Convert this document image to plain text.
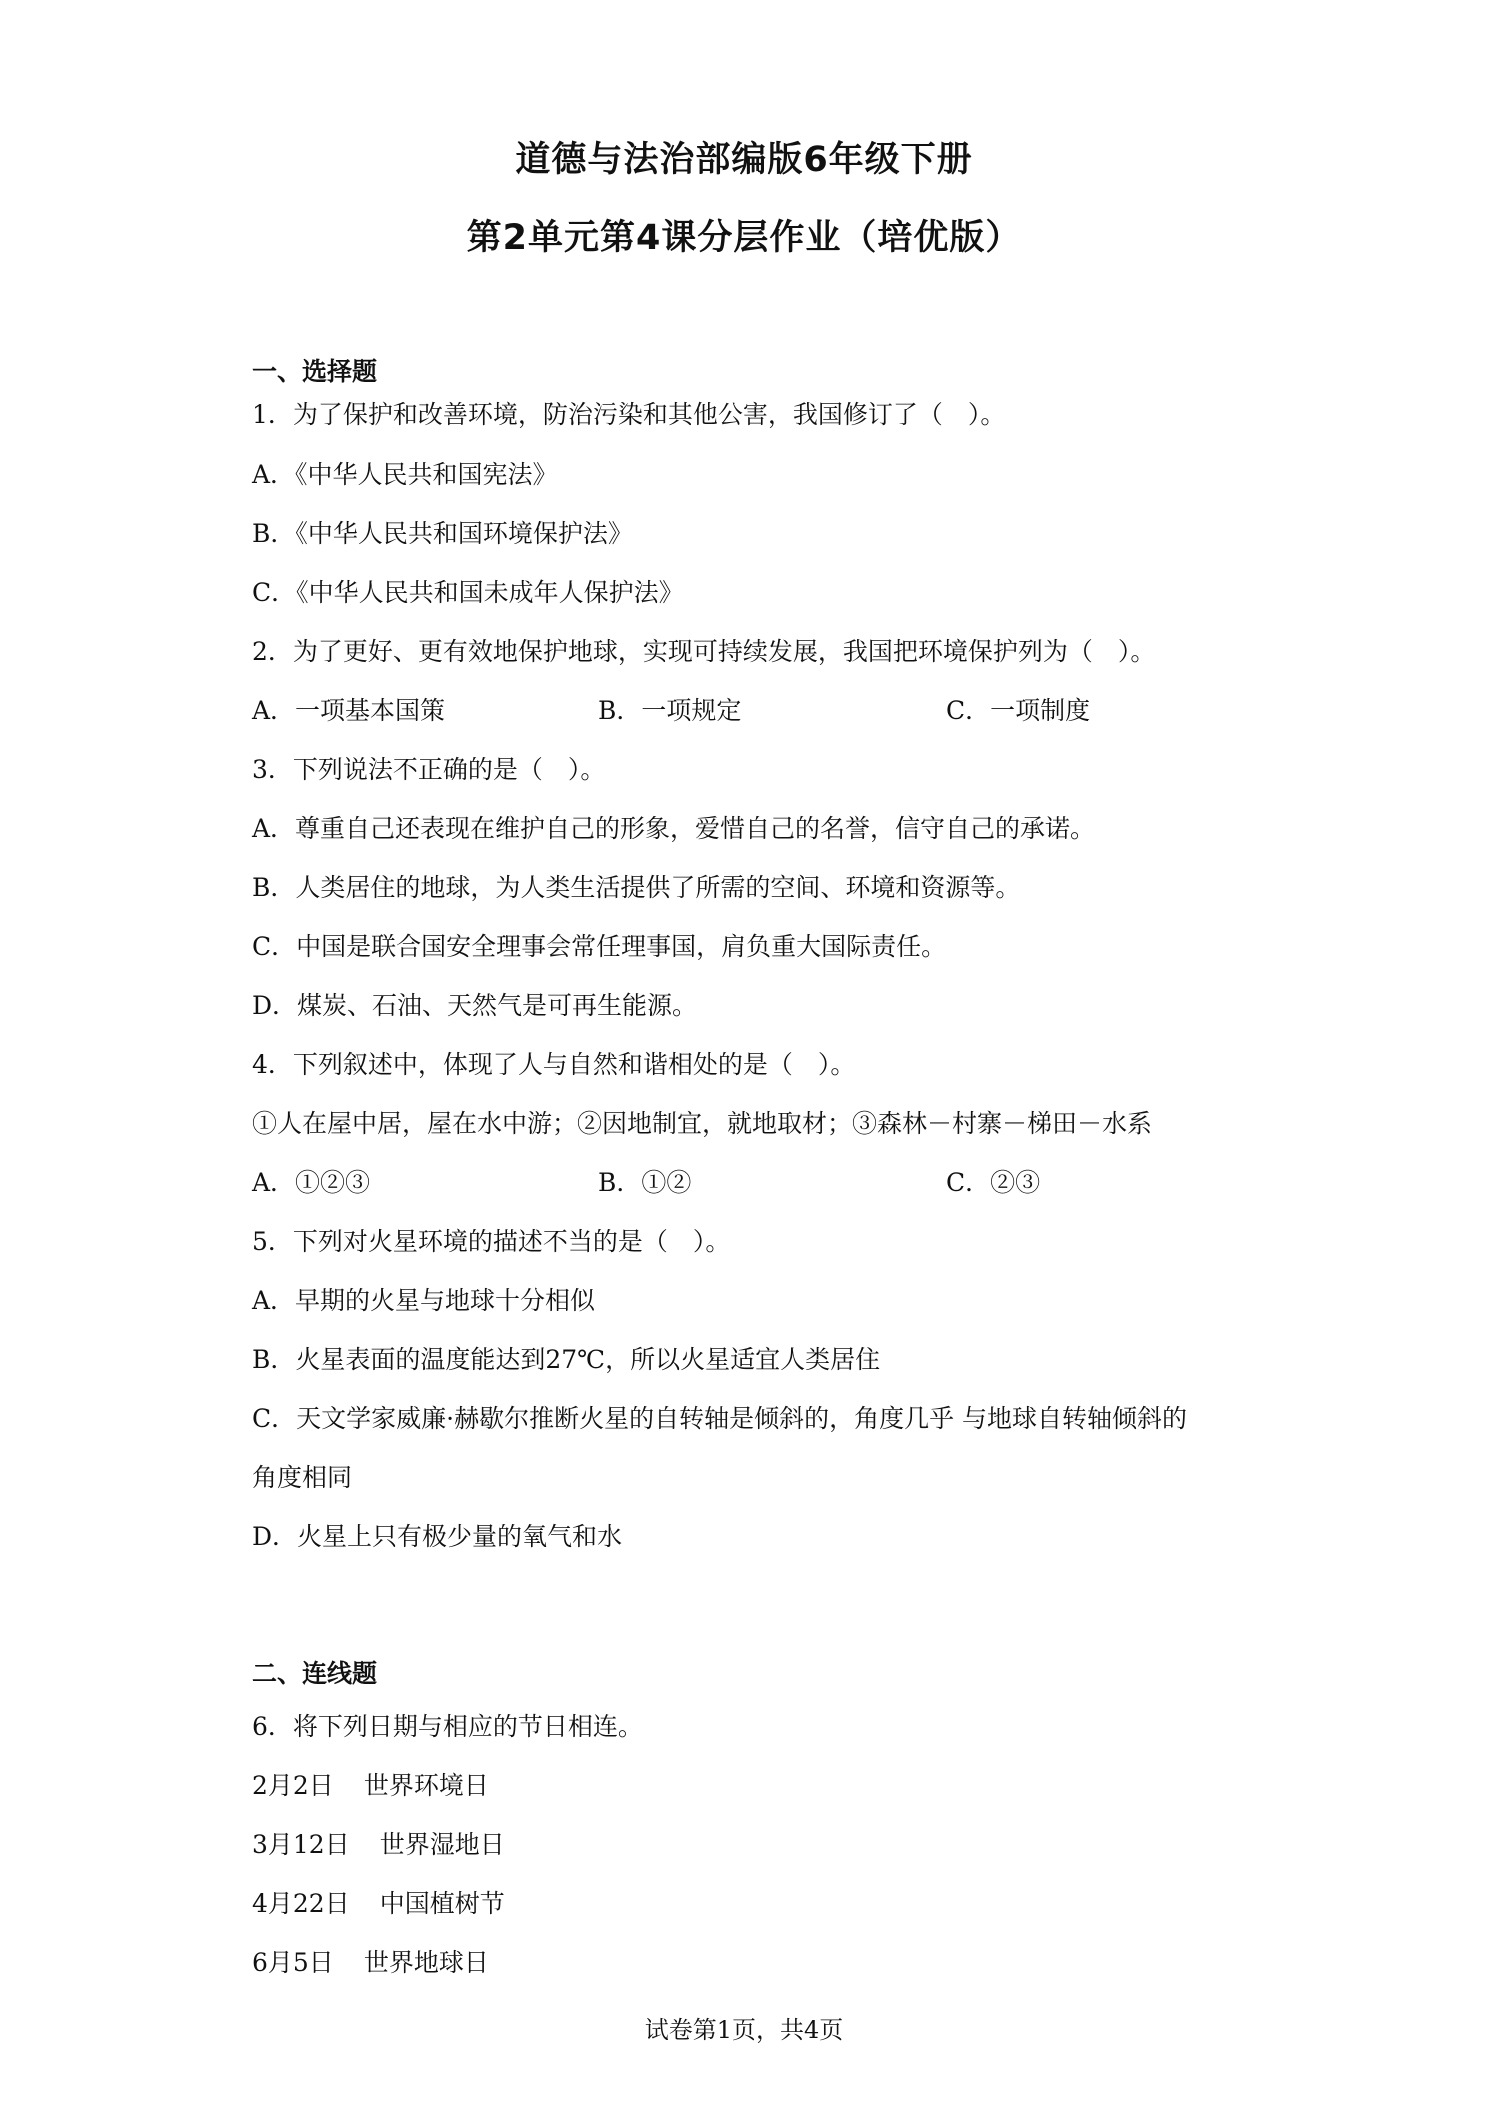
道德与法治部编版6年级下册
第2单元第4课分层作业（培优版）
一、选择题
1．为了保护和改善环境，防治污染和其他公害，我国修订了（　）。
A．《中华人民共和国宪法》
B．《中华人民共和国环境保护法》
C．《中华人民共和国未成年人保护法》
2．为了更好、更有效地保护地球，实现可持续发展，我国把环境保护列为（　）。
A．一项基本国策	B．一项规定	C．一项制度
3．下列说法不正确的是（　）。
A．尊重自己还表现在维护自己的形象，爱惜自己的名誉，信守自己的承诺。
B．人类居住的地球，为人类生活提供了所需的空间、环境和资源等。
C．中国是联合国安全理事会常任理事国，肩负重大国际责任。
D．煤炭、石油、天然气是可再生能源。
4．下列叙述中，体现了人与自然和谐相处的是（　）。
①人在屋中居，屋在水中游；②因地制宜，就地取材；③森林－村寨－梯田－水系
A．①②③	B．①②	C．②③
5．下列对火星环境的描述不当的是（　）。
A．早期的火星与地球十分相似
B．火星表面的温度能达到27℃，所以火星适宜人类居住
C．天文学家威廉·赫歇尔推断火星的自转轴是倾斜的，角度几乎 与地球自转轴倾斜的
角度相同
D．火星上只有极少量的氧气和水
二、连线题
6．将下列日期与相应的节日相连。
2月2日 世界环境日
3月12日 世界湿地日
4月22日 中国植树节
6月5日 世界地球日
试卷第1页，共4页
